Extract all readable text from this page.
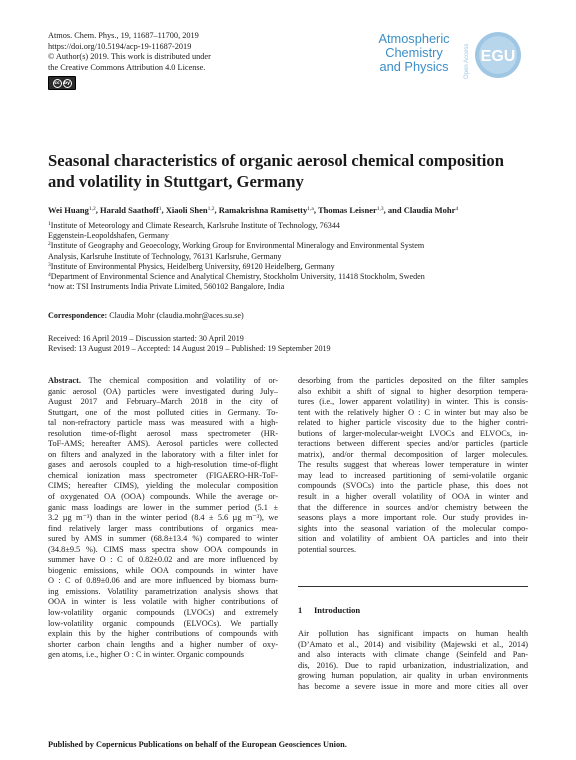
Atmos. Chem. Phys., 19, 11687–11700, 2019
https://doi.org/10.5194/acp-19-11687-2019
© Author(s) 2019. This work is distributed under
the Creative Commons Attribution 4.0 License.
cc by
Atmospheric
Chemistry
and Physics	Open Access EGU
Seasonal characteristics of organic aerosol chemical composition
and volatility in Stuttgart, Germany
Wei Huang$^{1,2}$, Harald Saathoff$^1$, Xiaoli Shen$^{1,2}$, Ramakrishna Ramisetty$^{1,a}$, Thomas Leisner$^{1,3}$, and Claudia Mohr$^4$
$^1$Institute of Meteorology and Climate Research, Karlsruhe Institute of Technology, 76344
Eggenstein-Leopoldshafen, Germany
$^2$Institute of Geography and Geoecology, Working Group for Environmental Mineralogy and Environmental System
Analysis, Karlsruhe Institute of Technology, 76131 Karlsruhe, Germany
$^3$Institute of Environmental Physics, Heidelberg University, 69120 Heidelberg, Germany
$^4$Department of Environmental Science and Analytical Chemistry, Stockholm University, 11418 Stockholm, Sweden
$^a$now at: TSI Instruments India Private Limited, 560102 Bangalore, India
Correspondence: Claudia Mohr (claudia.mohr@aces.su.se)
Received: 16 April 2019 – Discussion started: 30 April 2019
Revised: 13 August 2019 – Accepted: 14 August 2019 – Published: 19 September 2019
Abstract. The chemical composition and volatility of or-
ganic aerosol (OA) particles were investigated during July–
August 2017 and February–March 2018 in the city of
Stuttgart, one of the most polluted cities in Germany. To-
tal non-refractory particle mass was measured with a high-
resolution time-of-flight aerosol mass spectrometer (HR-
ToF-AMS; hereafter AMS). Aerosol particles were collected
on filters and analyzed in the laboratory with a filter inlet for
gases and aerosols coupled to a high-resolution time-of-flight
chemical ionization mass spectrometer (FIGAERO-HR-ToF-
CIMS; hereafter CIMS), yielding the molecular composition
of oxygenated OA (OOA) compounds. While the average or-
ganic mass loadings are lower in the summer period (5.1 ±
3.2 µg m⁻³) than in the winter period (8.4 ± 5.6 µg m⁻³), we
find relatively larger mass contributions of organics mea-
sured by AMS in summer (68.8±13.4 %) compared to winter
(34.8±9.5 %). CIMS mass spectra show OOA compounds in
summer have O : C of 0.82±0.02 and are more influenced by
biogenic emissions, while OOA compounds in winter have
O : C of 0.89±0.06 and are more influenced by biomass burn-
ing emissions. Volatility parametrization analysis shows that
OOA in winter is less volatile with higher contributions of
low-volatility organic compounds (LVOCs) and extremely
low-volatility organic compounds (ELVOCs). We partially
explain this by the higher contributions of compounds with
shorter carbon chain lengths and a higher number of oxy-
gen atoms, i.e., higher O : C in winter. Organic compounds
desorbing from the particles deposited on the filter samples
also exhibit a shift of signal to higher desorption tempera-
tures (i.e., lower apparent volatility) in winter. This is consis-
tent with the relatively higher O : C in winter but may also be
related to higher particle viscosity due to the higher contri-
butions of larger-molecular-weight LVOCs and ELVOCs, in-
teractions between different species and/or particles (particle
matrix), and/or thermal decomposition of larger molecules.
The results suggest that whereas lower temperature in winter
may lead to increased partitioning of semi-volatile organic
compounds (SVOCs) into the particle phase, this does not
result in a higher overall volatility of OOA in winter and
that the difference in sources and/or chemistry between the
seasons plays a more important role. Our study provides in-
sights into the seasonal variation of the molecular compo-
sition and volatility of ambient OA particles and into their
potential sources.
1 Introduction
Air pollution has significant impacts on human health
(D’Amato et al., 2014) and visibility (Majewski et al., 2014)
and also interacts with climate change (Seinfeld and Pan-
dis, 2016). Due to rapid urbanization, industrialization, and
growing human population, air quality in urban environments
has become a severe issue in more and more cities all over
Published by Copernicus Publications on behalf of the European Geosciences Union.
